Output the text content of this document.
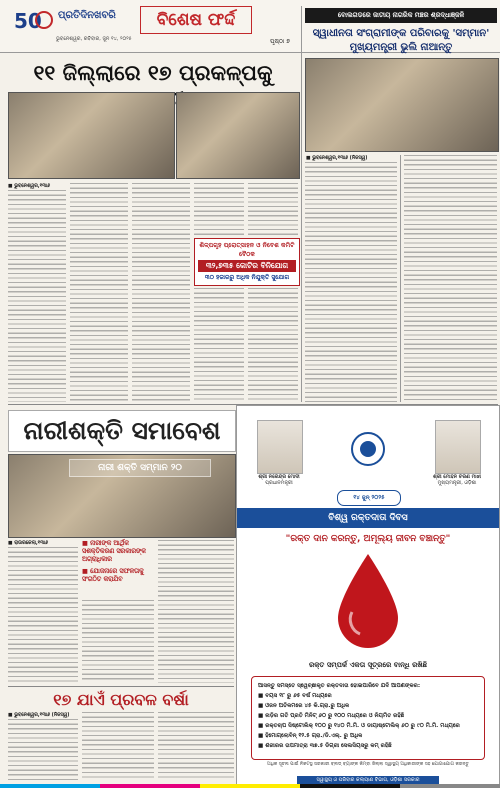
50 ପ୍ରତିଦିନଖବରି
ଭୁବନେଶ୍ୱର, ରବିବାର, ଜୁନ ୧୪, ୨୦୨୫
ବିଶେଷ ଫର୍ଦ୍ଦ
ପୃଷ୍ଠା ୭
ବୋଲଗଡରେ ଜାତୀୟ ନାଗରିକ ମଞ୍ଚର ଶ୍ରଦ୍ଧାଞ୍ଜଳି
ସ୍ୱାଧୀନତା ସଂଗ୍ରାମୀଙ୍କ ପରିବାରକୁ 'ସମ୍ମାନ' ମୁଖ୍ୟମନ୍ତ୍ରୀ ଭୁଲି ନାଆନ୍ତୁ
■ ଭୁବନେଶ୍ୱର,୧୩ା୬ (ନିଜସ୍ୱ)
୧୧ ଜିଲ୍ଲାରେ ୧୭ ପ୍ରକଳ୍ପକୁ
■ ଭୁବନେଶ୍ୱର,୧୩ା୬
ଶିଳ୍ପଗୃହ ପ୍ରୋତ୍ସାହନ ଓ ନିବେଶ କମିଟି ବୈଠକ
୩୨,୭୩୫ କୋଟିର ବିନିଯୋଗ
୩୦ ହଜାରରୁ ଅଧିକ ନିଯୁକ୍ତି ସୁଯୋଗ
ନାରୀଶକ୍ତି ସମାବେଶ
ନାରୀ ଶକ୍ତି ସମ୍ମାନ ୨୦
■ ରାଉରକେଲା,୧୩ା୬	■ ନାରୀଙ୍କ ଆର୍ଥିକ ସଶକ୍ତିକରଣ ସରକାରଙ୍କ ଅଗ୍ରାଧିକାର
■ ଯୋଜନାରେ ସଫଳତାକୁ ସଂଗଠିତ କରାଯିବ
୧୭ ଯାଏଁ ପ୍ରବଳ ବର୍ଷା
■ ଭୁବନେଶ୍ୱର,୧୩ା୬ (ନିଜସ୍ୱ)
ଶ୍ରୀ ନରେନ୍ଦ୍ର ମୋଦୀ
ପ୍ରଧାନମନ୍ତ୍ରୀ
ଶ୍ରୀ ମୋହନ ଚରଣ ମାଝୀ
ମୁଖ୍ୟମନ୍ତ୍ରୀ, ଓଡ଼ିଶା
ବିଶ୍ୱ ରକ୍ତଦାତା ଦିବସ
୧୪ ଜୁନ୍ ୨୦୨୫
"ରକ୍ତ ଦାନ କରନ୍ତୁ, ଅମୂଲ୍ୟ ଜୀବନ ବଞ୍ଚାନ୍ତୁ"
ରକ୍ତ ସମ୍ପର୍କ ଏକତା ସୂତ୍ରରେ ବାନ୍ଧି ରଖିଛି
ଆସନ୍ତୁ ସମସ୍ତେ ସ୍ୱେଚ୍ଛାକୃତ ରକ୍ତଦାତା ହୋଇପାରିବେ ଯଦି ଆପଣଙ୍କର:
■ ବୟସ ୧୮ ରୁ ୬୫ ବର୍ଷ ମଧ୍ୟରେ
■ ଓଜନ ଅତିକମରେ ୪୫ କି.ଗ୍ରା.ରୁ ଅଧିକ
■ ନାଡ଼ିର ଗତି ପ୍ରତି ମିନିଟ୍ ୬୦ ରୁ ୧୦୦ ମଧ୍ୟରେ ଓ ନିୟମିତ ରହିଛି
■ ରକ୍ତଚାପ ସିଷ୍ଟୋଲିକ୍ ୧୦୦ ରୁ ୧୪୦ ମି.ମି. ଓ ଡାୟାଷ୍ଟୋଲିକ୍ ୬୦ ରୁ ୯୦ ମି.ମି. ମଧ୍ୟରେ
■ ହିମୋଗ୍ଲୋବିନ୍ ୧୨.୫ ଗ୍ରା./ଡି.ଏଲ୍. ରୁ ଅଧିକ
■ ଶରୀରର ତାପମାତ୍ରା ୩୭.୫ ଡିଗ୍ରୀ ସେଲସିୟସରୁ କମ୍ ରହିଛି
ଅଧିକ ସୂଚନା ପାଇଁ ନିକଟସ୍ଥ ସରକାରୀ ବ୍ଲଡ୍ ବ୍ୟାଙ୍କ କିମ୍ବା ଜିଲ୍ଲା ସ୍ୱାସ୍ଥ୍ୟ ଅଧିକାରୀଙ୍କ ସହ ଯୋଗାଯୋଗ କରନ୍ତୁ
ସ୍ୱାସ୍ଥ୍ୟ ଓ ପରିବାର କଲ୍ୟାଣ ବିଭାଗ, ଓଡ଼ିଶା ସରକାର
